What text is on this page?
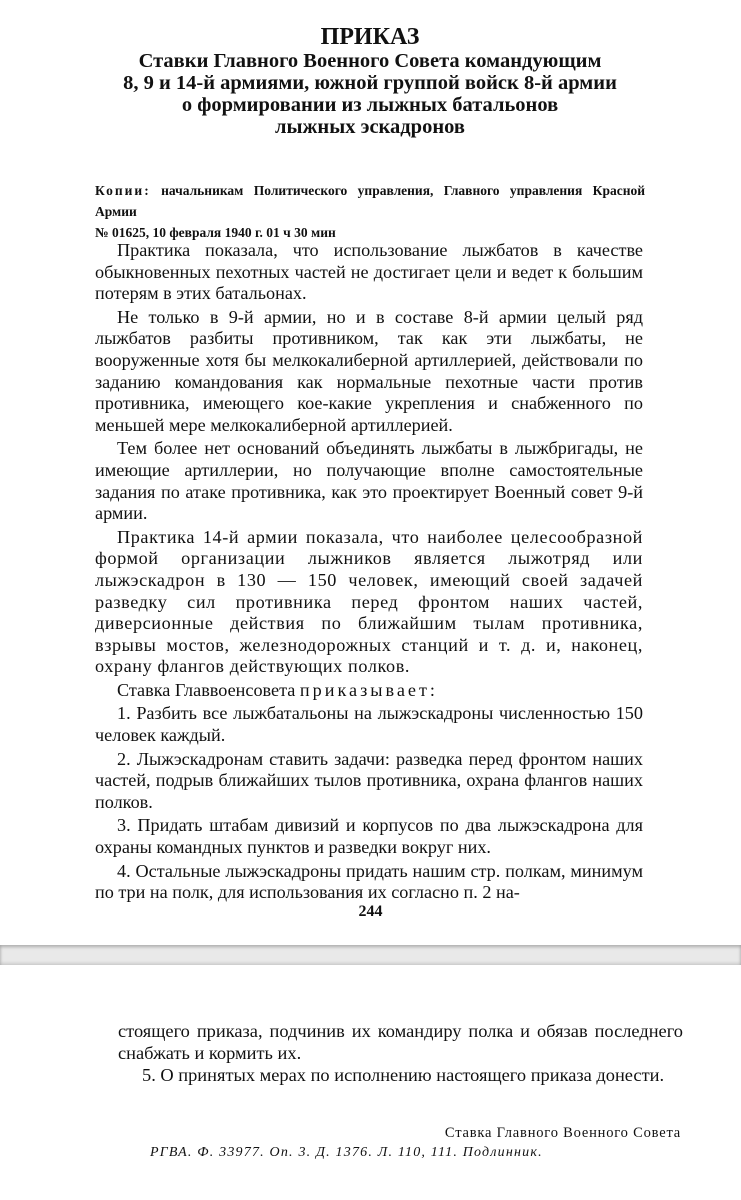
ПРИКАЗ
Ставки Главного Военного Совета командующим
8, 9 и 14-й армиями, южной группой войск 8-й армии
о формировании из лыжных батальонов
лыжных эскадронов

Копии: начальникам Политического управления, Главного управления Красной Армии

№ 01625, 10 февраля 1940 г. 01 ч 30 мин

Практика показала, что использование лыжбатов в качестве обыкновенных пехотных частей не достигает цели и ведет к большим потерям в этих батальонах.

Не только в 9-й армии, но и в составе 8-й армии целый ряд лыжбатов разбиты противником, так как эти лыжбаты, не вооруженные хотя бы мелкокалиберной артиллерией, действовали по заданию командования как нормальные пехотные части против противника, имеющего кое-какие укрепления и снабженного по меньшей мере мелкокалиберной артиллерией.

Тем более нет оснований объединять лыжбаты в лыжбригады, не имеющие артиллерии, но получающие вполне самостоятельные задания по атаке противника, как это проектирует Военный совет 9-й армии.

Практика 14-й армии показала, что наиболее целесообразной формой организации лыжников является лыжотряд или лыжэскадрон в 130 — 150 человек, имеющий своей задачей разведку сил противника перед фронтом наших частей, диверсионные действия по ближайшим тылам противника, взрывы мостов, железнодорожных станций и т. д. и, наконец, охрану флангов действующих полков.

Ставка Главвоенсовета приказывает:

1. Разбить все лыжбатальоны на лыжэскадроны численностью 150 человек каждый.

2. Лыжэскадронам ставить задачи: разведка перед фронтом наших частей, подрыв ближайших тылов противника, охрана флангов наших полков.

3. Придать штабам дивизий и корпусов по два лыжэскадрона для охраны командных пунктов и разведки вокруг них.

4. Остальные лыжэскадроны придать нашим стр. полкам, минимум по три на полк, для использования их согласно п. 2 на-

244

стоящего приказа, подчинив их командиру полка и обязав последнего снабжать и кормить их.

5. О принятых мерах по исполнению настоящего приказа донести.

Ставка Главного Военного Совета
РГВА. Ф. 33977. Оп. 3. Д. 1376. Л. 110, 111. Подлинник.
